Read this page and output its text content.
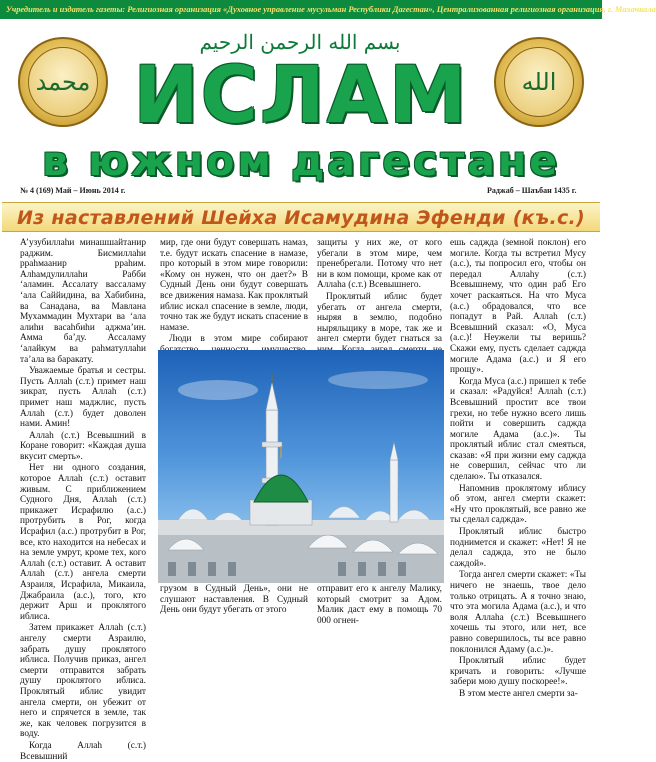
Учредитель и издатель газеты: Религиозная организация «Духовное управление мусульман Республики Дагестан», Централизованная религиозная организация, г. Махачкала
محمد	الله
بسم الله الرحمن الرحيم
ИСЛАМ
в южном дагестане
№ 4 (169) Май – Июнь 2014 г.	Раджаб – Шаъбан 1435 г.
Из наставлений Шейха Исамудина Эфенди (къ.с.)

А’узубиллаhи минашшайтанир раджим. Бисмиллаhи рраhмаанир рраhим. Алhамдулиллаhи Рабби ‘аламин. Ассалату вассаламу ‘ала Саййидина, ва Хабибина, ва Санадана, ва Мавлана Мухаммадин Мухтари ва ‘ала алиhи васаhбиhи аджма’ин. Амма ба’ду. Ассаламу ‘алайкум ва раhматуллаhи та’ала ва баракату.

Уважаемые братья и сестры. Пусть Аллаh (с.т.) примет наш зикрат, пусть Аллаh (с.т.) примет наш маджлис, пусть Аллаh (с.т.) будет доволен нами. Амин!

Аллаh (с.т.) Всевышний в Коране говорит: «Каждая душа вкусит смерть».

Нет ни одного создания, которое Аллаh (с.т.) оставит живым. С приближением Судного Дня, Аллаh (с.т.) прикажет Исрафилю (а.с.) протрубить в Рог, когда Исрафил (а.с.) протрубит в Рог, все, кто находится на небесах и на земле умрут, кроме тех, кого Аллаh (с.т.) оставит. А оставит Аллаh (с.т.) ангела смерти Азраиля, Исрафила, Микаила, Джабраила (а.с.), того, кто держит Арш и проклятого иблиса.

Затем прикажет Аллаh (с.т.) ангелу смерти Азраилю, забрать душу проклятого иблиса. Получив приказ, ангел смерти отправится забрать душу проклятого иблиса. Проклятый иблис увидит ангела смерти, он убежит от него и спрячется в земле, так же, как человек погрузится в воду.

Когда Аллаh (с.т.) Всевышний

мир, где они будут совершать намаз, т.е. будут искать спасение в намазе, про который в этом мире говорили: «Кому он нужен, что он дает?» В Судный День они будут совершать все движения намаза. Как проклятый иблис искал спасение в земле, люди, точно так же будут искать спасение в намазе.

Люди в этом мире собирают

защиты у них же, от кого убегали в этом мире, чем пренебрегали. Потому что нет ни в ком помощи, кроме как от Аллаhа (с.т.) Всевышнего.

Проклятый иблис будет убегать от ангела смерти, ныряя в землю, подобно ныряльщику в море, так же и ангел смерти будет гнаться за

ешь саджда (земной поклон) его могиле. Когда ты встретил Мусу (а.с.), ты попросил его, чтобы он передал Аллаhу (с.т.) Всевышнему, что один раб Его хочет раскаяться. На что Муса (а.с.) обрадовался, что все попадут в Рай. Аллаh (с.т.) Всевышний сказал: «О, Муса (а.с.)! Неужели ты веришь? Скажи ему, пусть сделает саджда могиле Адама (а.с.) и Я его прощу».

Когда Муса (а.с.) пришел к тебе и сказал: «Радуйся! Аллаh (с.т.) Всевышний простит все твои грехи, но тебе нужно всего лишь пойти и совершить саджда могиле Адама (а.с.)». Ты проклятый иблис стал смеяться, сказав: «Я при жизни ему саджда не совершил, сейчас что ли сделаю». Ты отказался.

Напомнив проклятому иблису об этом, ангел смерти скажет: «Ну что проклятый, все равно же ты сделал саджда».

Проклятый иблис быстро поднимется и скажет: «Нет! Я не делал саджда, это не было саждой».

Тогда ангел смерти скажет: «Ты ничего не знаешь, твое дело только отрицать. А я точно знаю, что эта могила Адама (а.с.), и что воля Аллаhа (с.т.) Всевышнего хочешь ты этого, или нет, все равно совершилось, ты все равно поклонился Адаму (а.с.)».

Проклятый иблис будет кричать и говорить: «Лучше забери мою душу поскорее!».

В этом месте ангел смерти за-

грузом в Судный День», они не слушают наставления. В Судный День они будут убегать от этого

отправит его к ангелу Малику, который смотрит за Адом. Малик даст ему в помощь 70 000 огнен-
